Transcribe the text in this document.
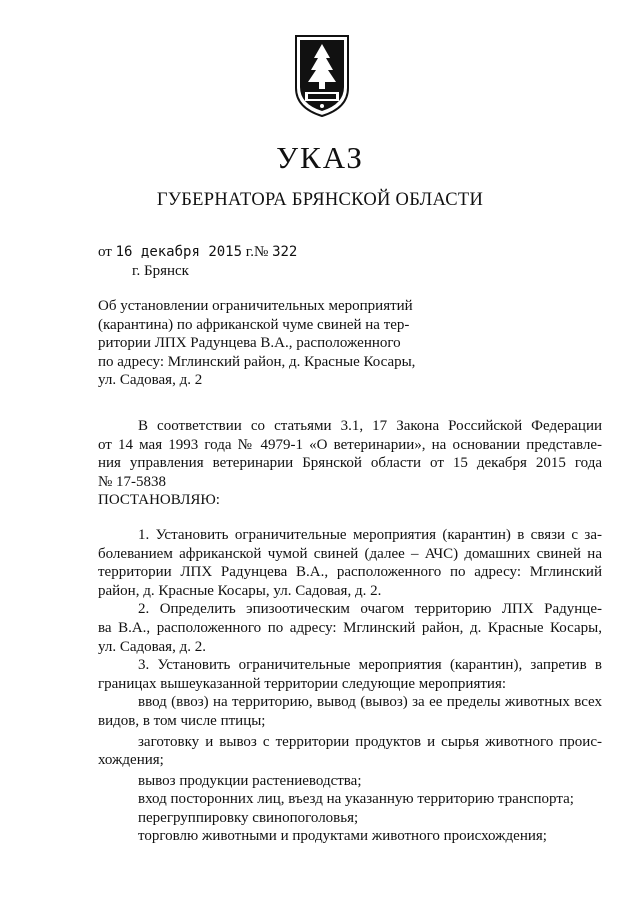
УКАЗ
ГУБЕРНАТОРА БРЯНСКОЙ ОБЛАСТИ
от 16 декабря 2015 г.№ 322
г. Брянск
Об установлении ограничительных мероприятий
(карантина) по африканской чуме свиней на тер-
ритории ЛПХ Радунцева В.А., расположенного
по адресу: Мглинский район, д. Красные Косары,
ул. Садовая, д. 2
В соответствии со статьями 3.1, 17 Закона Российской Федерации
от 14 мая 1993 года № 4979-1 «О ветеринарии», на основании представле-
ния управления ветеринарии Брянской области от 15 декабря 2015 года
№ 17-5838
ПОСТАНОВЛЯЮ:
1. Установить ограничительные мероприятия (карантин) в связи с за-
болеванием африканской чумой свиней (далее – АЧС) домашних свиней на
территории ЛПХ Радунцева В.А., расположенного по адресу: Мглинский
район, д. Красные Косары, ул. Садовая, д. 2.
2. Определить эпизоотическим очагом территорию ЛПХ Радунце-
ва В.А., расположенного по адресу: Мглинский район, д. Красные Косары,
ул. Садовая, д. 2.
3. Установить ограничительные мероприятия (карантин), запретив в
границах вышеуказанной территории следующие мероприятия:
ввод (ввоз) на территорию, вывод (вывоз) за ее пределы животных всех
видов, в том числе птицы;
заготовку и вывоз с территории продуктов и сырья животного проис-
хождения;
вывоз продукции растениеводства;
вход посторонних лиц, въезд на указанную территорию транспорта;
перегруппировку свинопоголовья;
торговлю животными и продуктами животного происхождения;
